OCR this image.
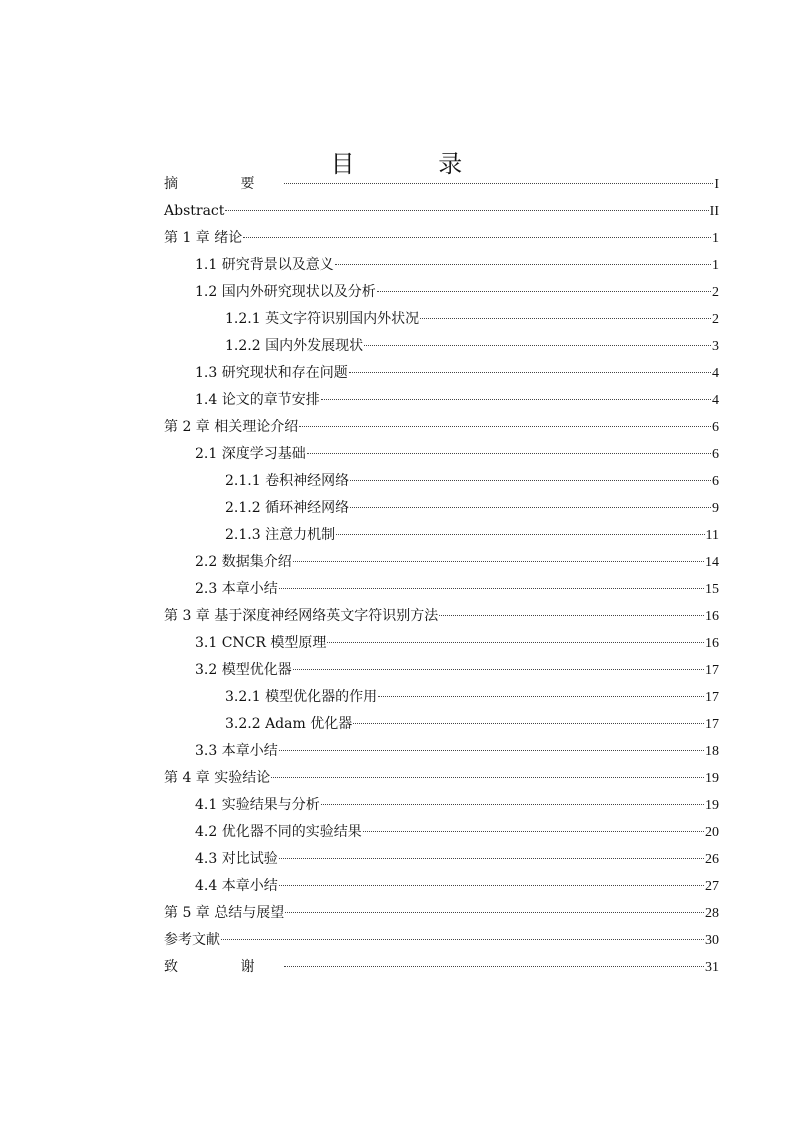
目 录
摘 要	I
Abstract	II
第 1 章 绪论	1
1.1 研究背景以及意义	1
1.2 国内外研究现状以及分析	2
1.2.1 英文字符识别国内外状况	2
1.2.2 国内外发展现状	3
1.3 研究现状和存在问题	4
1.4 论文的章节安排	4
第 2 章 相关理论介绍	6
2.1 深度学习基础	6
2.1.1 卷积神经网络	6
2.1.2 循环神经网络	9
2.1.3 注意力机制	11
2.2 数据集介绍	14
2.3 本章小结	15
第 3 章 基于深度神经网络英文字符识别方法	16
3.1 CNCR 模型原理	16
3.2 模型优化器	17
3.2.1 模型优化器的作用	17
3.2.2 Adam 优化器	17
3.3 本章小结	18
第 4 章 实验结论	19
4.1 实验结果与分析	19
4.2 优化器不同的实验结果	20
4.3 对比试验	26
4.4 本章小结	27
第 5 章 总结与展望	28
参考文献	30
致 谢	31
